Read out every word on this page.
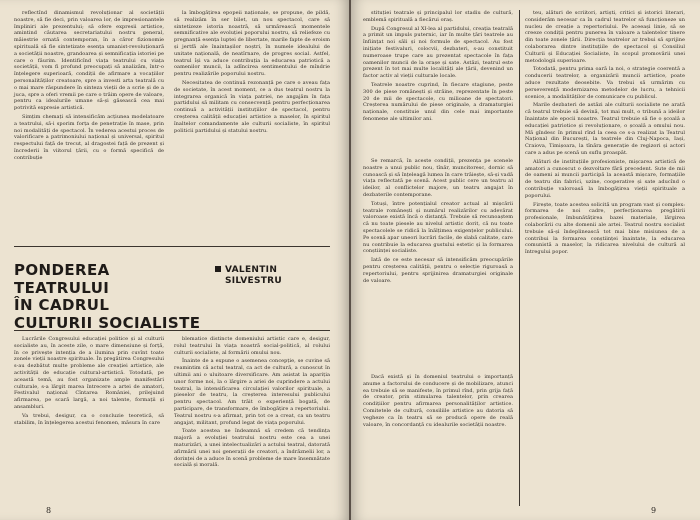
reflectînd dinamismul revoluționar al societății noastre, să fie deci, prin valoarea lor, de impresionantele împliniri ale prezentului; să ofere expresii artistice, amintind căutarea secretariatului nostru general, măiestrie ornată contemporan, în a căror fizionomie spirituală să fie sintetizate esența umanist-revoluționară a societății noastre, grandoarea și semnificația istoriei pe care o făurim. Identificînd viața teatrului cu viața societății, vom fi profund preocupați să analizăm, într-o înțelegere superioară, condiții de afirmare a vocațiilor personalităților creatoare, spre a investi arta teatrală cu o mai mare răspundere în sinteza vieții de a scrie și de a juca, spre a oferi vremii pe care o trăim opere de valoare, pentru ca idealurile umane să-și găsească cea mai potrivită expresie artistică.

Simțim chemați să intensificăm acțiunea modelatoare a teatrului, să-i sporim forța de penetrație în mase, prin noi modalități de spectacol. În vederea acestui proces de valorificare a patrimoniului național și universal, spiritul respectului față de trecut, al dragostei față de prezent și încrederii în viitorul țării, cu o formă specifică de contribuție

la îmbogățirea epopeii naționale, se propune, de pildă, să realizăm în ser bilet, un nou spectacol, care să sintetizeze istoria noastră, să urmărească momentele semnificative ale evoluției poporului nostru, să reliefeze cu pregnanță esența luptei de libertate, marile fapte de eroism și jertfă ale înaintașilor noștri, în numele idealului de unitate națională, de neatîrnare, de progres social. Astfel, teatrul își va aduce contribuția la educarea patriotică a oamenilor muncii, la adîncirea sentimentului de mîndrie pentru realizările poporului nostru.

Necesitatea de continuă rezonanță pe care o aveau fața de societate, în acest moment, ce a dus teatrul nostru la integrarea organică în viața patriei, ne angajăm în fața partidului să militam cu consecvență pentru perfecționarea continuă a activității instituțiilor de spectacol, pentru creșterea calității educației artistice a maselor, în spiritul înaltelor comandamente ale culturii socialiste, în spiritul politicii partidului și statului nostru.

PONDEREA TEATRULUI
ÎN CADRUL
CULTURII SOCIALISTE
VALENTIN
SILVESTRU

Lucrările Congresului educației politice și al culturii socialiste au, în aceste zile, o mare dimensiune și forță, în ce privește intenția de a ilumina prin cuvînt toate zonele vieții noastre spirituale. În pregătirea Congresului s-au dezbătut multe probleme ale creației artistice, ale activității de educație cultural-artistică. Totodată, pe această temă, au fost organizate ample manifestări culturale, s-a lărgit marea întrecere a artei de amatori, Festivalul național Cîntarea României, prilejuind afirmarea, pe scară largă, a noi talente, formații și ansambluri.

Va trebui, desigur, ca o concluzie teoretică, să stabilim, în înțelegerea acestui fenomen, măsura în care

blematice distincte domeniului artistic care e, desigur, rolul teatrului în viața noastră social-politică, al rolului culturii socialiste, al formării omului nou.

Înainte de a expune o asemenea concepție, se cuvine să reamintim că actul teatral, ca act de cultură, a cunoscut în ultimii ani o uluitoare diversificare. Am asistat la apariția unor forme noi, la o lărgire a ariei de cuprindere a actului teatral, la intensificarea circulației valorilor spirituale, a pieselor de teatru, la creșterea interesului publicului pentru spectacol. Am trăit o experiență bogată, de participare, de transformare, de îmbogățire a repertoriului. Teatrul nostru s-a afirmat, prin tot ce a creat, ca un teatru angajat, militant, profund legat de viața poporului.

Toate acestea ne îndeamnă să credem că tendința majoră a evoluției teatrului nostru este cea a unei maturizări, a unei intelectualizări a actului teatral, datorată afirmării unei noi generații de creatori, a îndrăznelii lor, a dorinței de a aduce în scenă probleme de mare însemnătate socială și morală.

8

stituției teatrale și principalul lor stadiu de cultură, emblemă spirituală a fiecărui oraș.

După Congresul al XI-lea al partidului, creația teatrală a primit un impuls puternic, iar în multe țări teatrele au înființat noi săli și noi formule de spectacol. Au fost inițiate festivaluri, colocvii, dezbateri, s-au constituit numeroase trupe care au prezentat spectacole în fața oamenilor muncii de la orașe și sate. Astăzi, teatrul este prezent în tot mai multe localități ale țării, devenind un factor activ al vieții culturale locale.

Teatrele noastre cuprind, în fiecare stagiune, peste 300 de piese românești și străine, reprezentate în peste 20 de mii de spectacole, cu milioane de spectatori. Creșterea numărului de piese originale, a dramaturgiei naționale, constituie unul din cele mai importante fenomene ale ultimilor ani.

Se remarcă, în aceste condiții, prezența pe scenele noastre a unui public nou, tînăr, muncitoresc, dornic să cunoască și să înțeleagă lumea în care trăiește, să-și vadă viața reflectată pe scenă. Acest public cere un teatru al ideilor, al conflictelor majore, un teatru angajat în dezbaterile contemporane.

Totuși, între potențialul creator actual al mișcării teatrale românești și numărul realizărilor cu adevărat valoroase există încă o distanță. Trebuie să recunoaștem că nu toate piesele au nivelul artistic dorit, că nu toate spectacolele se ridică la înălțimea exigențelor publicului. Pe scenă apar uneori lucrări facile, de slabă calitate, care nu contribuie la educarea gustului estetic și la formarea conștiinței socialiste.

Iată de ce este necesar să intensificăm preocupările pentru creșterea calității, pentru o selecție riguroasă a repertoriului, pentru sprijinirea dramaturgiei originale de valoare.

Dacă există și în domeniul teatrului o importanță anume a factorului de conducere și de mobilizare, atunci ea trebuie să se manifeste, în primul rînd, prin grija față de creator, prin stimularea talentelor, prin crearea condițiilor pentru afirmarea personalităților artistice. Comitetele de cultură, consiliile artistice au datoria să vegheze ca în teatru să se producă opere de reală valoare, în concordanță cu idealurile societății noastre.

teu, alături de scriitori, artiști, critici și istorici literari, considerăm necesar ca în cadrul teatrelor să funcționeze un nucleu de creație a repertoriului. Pe aceeași linie, să se creeze condiții pentru punerea în valoare a talentelor tinere din toate zonele țării. Direcția teatrelor ar trebui să sprijine colaborarea dintre instituțiile de spectacol și Consiliul Culturii și Educației Socialiste, în scopul promovării unei metodologii superioare.

Totodată, pentru prima oară la noi, o strategie coerentă a conducerii teatrelor, a organizării muncii artistice, poate aduce rezultate deosebite. Va trebui să urmărim cu perseverență modernizarea metodelor de lucru, a tehnicii scenice, a modalităților de comunicare cu publicul.

Marile dezbateri de astăzi ale culturii socialiste ne arată că teatrul trebuie să devină, tot mai mult, o tribună a ideilor înaintate ale epocii noastre. Teatrul trebuie să fie o școală a educației patriotice și revoluționare, o școală a omului nou. Mă gîndesc în primul rînd la ceea ce s-a realizat la Teatrul Național din București, la teatrele din Cluj-Napoca, Iași, Craiova, Timișoara, la tînăra generație de regizori și actori care a adus pe scenă un suflu proaspăt.

Alături de instituțiile profesioniste, mișcarea artistică de amatori a cunoscut o dezvoltare fără precedent. Sute de mii de oameni ai muncii participă la această mișcare, formațiile de teatru din fabrici, uzine, cooperative și sate aducînd o contribuție valoroasă la îmbogățirea vieții spirituale a poporului.

Firește, toate acestea solicită un program vast și complex: formarea de noi cadre, perfecționarea pregătirii profesionale, îmbunătățirea bazei materiale, lărgirea colaborării cu alte domenii ale artei. Teatrul nostru socialist trebuie să-și îndeplinească tot mai bine misiunea de a contribui la formarea conștiinței înaintate, la educarea comunistă a maselor, la ridicarea nivelului de cultură al întregului popor.

9
